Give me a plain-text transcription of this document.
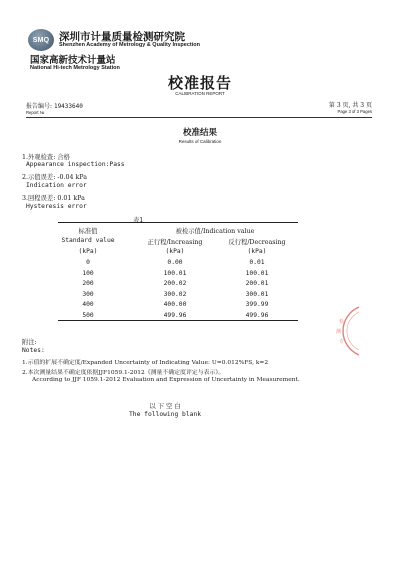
SMQ 深圳市计量质量检测研究院
Shenzhen Academy of Metrology & Quality Inspection
国家高新技术计量站
National Hi-tech Metrology Station
校准报告
CALIBRATION REPORT
报告编号: 19433640
Report №
第 3 页, 共 3 页
Page 3 of 3 Pages
校准结果
Results of Calibration
1.外观检查: 合格
Appearance inspection:Pass
2.示值误差: -0.04 kPa
Indication error
3.回程误差: 0.01 kPa
Hysteresis error
表1
标准值	被检示值/Indication value
Standard value	正行程/Increasing	反行程/Decreasing
(kPa)	(kPa)	(kPa)
0	0.00	0.01
100	100.01	100.01
200	200.02	200.01
300	300.02	300.01
400	400.00	399.99
500	499.96	499.96
附注:
Notes:
1.示值的扩展不确定度/Expanded Uncertainty of Indicating Value: U=0.012%FS, k=2
2.本次测量结果不确定度依据JJF1059.1-2012《测量不确定度评定与表示》。
According to JJF 1059.1-2012 Evaluation and Expression of Uncertainty in Measurement.
以 下 空 白
The following blank
检
测
专
